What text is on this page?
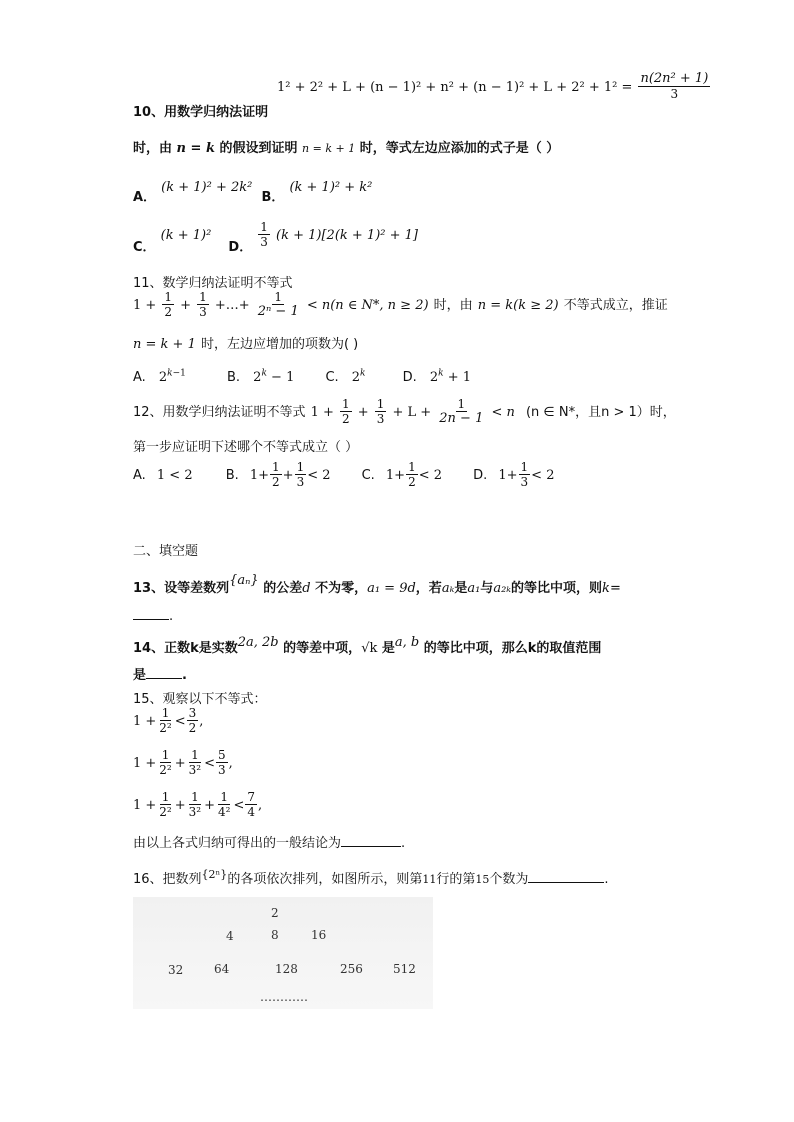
$1^2 + 2^2 + L + (n - 1)^2 + n^2 + (n - 1)^2 + L + 2^2 + 1^2 = \frac{\text{n(2n² + 1)}}{3}$
10、用数学归纳法证明
时，由 n = k 的假设到证明 n = k + 1 时，等式左边应添加的式子是（ ）
$_{A.}$ (k + 1)² + 2k² $_{B.}$ (k + 1)² + k²
$_{C.}$ (k + 1)² $_{D.} \frac{1}{3} (k + 1)[2(k + 1)^2 + 1]$
11、数学归纳法证明不等式
$1 + \frac{1}{2} + \frac{1}{3}$ +…+ $\frac{1}{\text{2ⁿ − 1}} < n(n$ ∈ N*, n ≥ 2) 时，由 n = k(k ≥ 2) 不等式成立，推证
n = k + 1 时，左边应增加的项数为( )
A. $2^{k-1}$	B. $2^k - 1$ C. 2$^k$	D. $2^k + 1$
12、用数学归纳法证明不等式 $1 + \frac{1}{2} + \frac{1}{3} + L + \frac{1}{2n - 1} < n$ (n ∈ N*，且n > 1）时，
第一步应证明下述哪个不等式成立（ ）
A. 1 < 2	B. $1+ \frac{1}{2} + \frac{1}{3} < 2$ C. $1+ \frac{1}{2} < 2$ D. $1+ \frac{1}{3} < 2$
二、填空题
13、设等差数列{aₙ} 的公差d 不为零，a₁ = 9d，若aₖ是a₁与a₂ₖ的等比中项，则k=
.
14、正数k是实数2a, 2b 的等差中项，√k 是a, b 的等比中项，那么k的取值范围
是	.
15、观察以下不等式：
$1 + \frac{1}{\text{2²}} < \frac{3}{2}$ ,
$1 + \frac{1}{\text{2²}} + \frac{1}{\text{3²}} < \frac{5}{3}$ ,
$1 + \frac{1}{\text{2²}} + \frac{1}{\text{3²}} + \frac{1}{\text{4²}} < \frac{7}{4}$ ,
由以上各式归纳可得出的一般结论为	.
16、把数列$^{\{2^n\}}$的各项依次排列，如图所示，则第11行的第15个数为	.
2
4	8	16
32	64	128	256	512
…………
